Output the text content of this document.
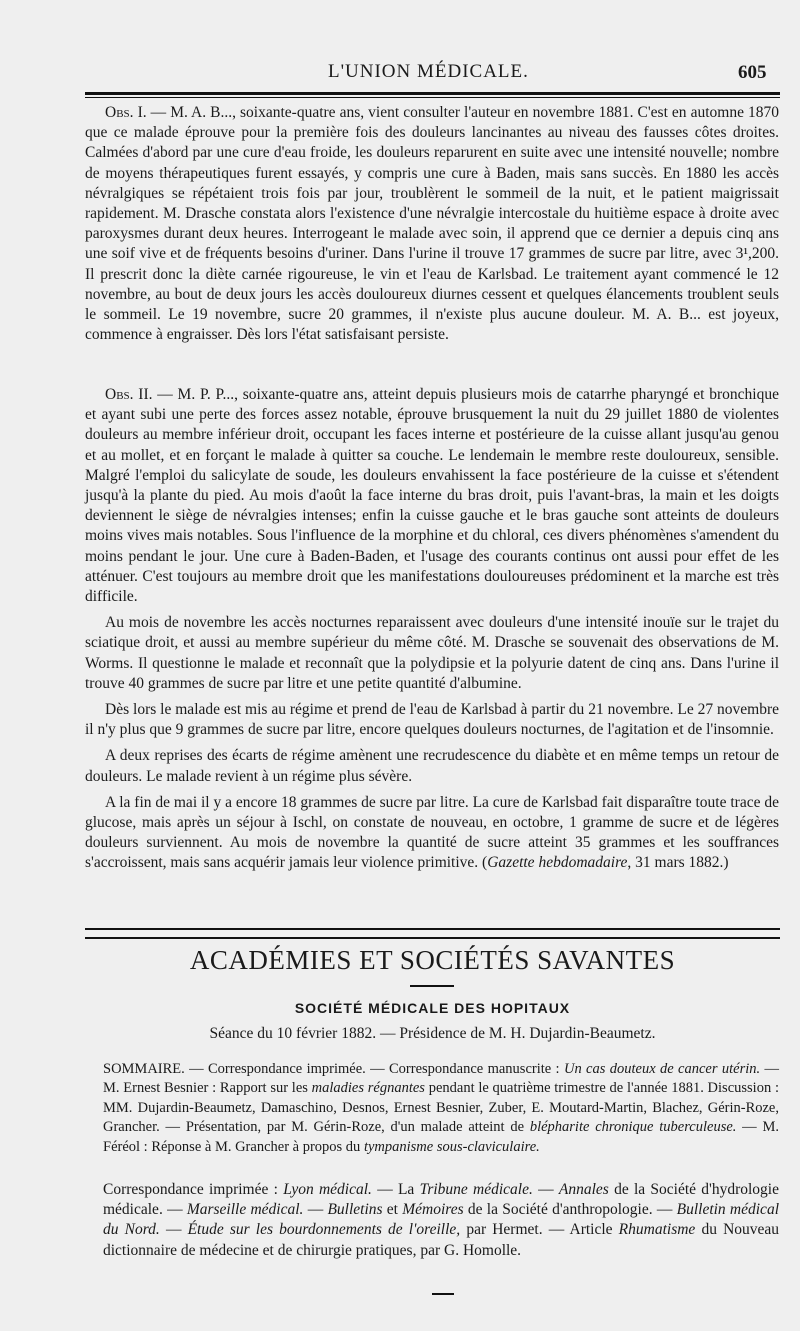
L'UNION MÉDICALE.	605

Obs. I. — M. A. B..., soixante-quatre ans, vient consulter l'auteur en novembre 1881. C'est en automne 1870 que ce malade éprouve pour la première fois des douleurs lancinantes au niveau des fausses côtes droites. Calmées d'abord par une cure d'eau froide, les douleurs reparurent en suite avec une intensité nouvelle; nombre de moyens thérapeutiques furent essayés, y compris une cure à Baden, mais sans succès. En 1880 les accès névralgiques se répétaient trois fois par jour, troublèrent le sommeil de la nuit, et le patient maigrissait rapidement. M. Drasche constata alors l'existence d'une névralgie intercostale du huitième espace à droite avec paroxysmes durant deux heures. Interrogeant le malade avec soin, il apprend que ce dernier a depuis cinq ans une soif vive et de fréquents besoins d'uriner. Dans l'urine il trouve 17 grammes de sucre par litre, avec 3¹,200. Il prescrit donc la diète carnée rigoureuse, le vin et l'eau de Karlsbad. Le traitement ayant commencé le 12 novembre, au bout de deux jours les accès douloureux diurnes cessent et quelques élancements troublent seuls le sommeil. Le 19 novembre, sucre 20 grammes, il n'existe plus aucune douleur. M. A. B... est joyeux, commence à engraisser. Dès lors l'état satisfaisant persiste.

Obs. II. — M. P. P..., soixante-quatre ans, atteint depuis plusieurs mois de catarrhe pharyngé et bronchique et ayant subi une perte des forces assez notable, éprouve brusquement la nuit du 29 juillet 1880 de violentes douleurs au membre inférieur droit, occupant les faces interne et postérieure de la cuisse allant jusqu'au genou et au mollet, et en forçant le malade à quitter sa couche. Le lendemain le membre reste douloureux, sensible. Malgré l'emploi du salicylate de soude, les douleurs envahissent la face postérieure de la cuisse et s'étendent jusqu'à la plante du pied. Au mois d'août la face interne du bras droit, puis l'avant-bras, la main et les doigts deviennent le siège de névralgies intenses; enfin la cuisse gauche et le bras gauche sont atteints de douleurs moins vives mais notables. Sous l'influence de la morphine et du chloral, ces divers phénomènes s'amendent du moins pendant le jour. Une cure à Baden-Baden, et l'usage des courants continus ont aussi pour effet de les atténuer. C'est toujours au membre droit que les manifestations douloureuses prédominent et la marche est très difficile.

Au mois de novembre les accès nocturnes reparaissent avec douleurs d'une intensité inouïe sur le trajet du sciatique droit, et aussi au membre supérieur du même côté. M. Drasche se souvenait des observations de M. Worms. Il questionne le malade et reconnaît que la polydipsie et la polyurie datent de cinq ans. Dans l'urine il trouve 40 grammes de sucre par litre et une petite quantité d'albumine.

Dès lors le malade est mis au régime et prend de l'eau de Karlsbad à partir du 21 novembre. Le 27 novembre il n'y plus que 9 grammes de sucre par litre, encore quelques douleurs nocturnes, de l'agitation et de l'insomnie.

A deux reprises des écarts de régime amènent une recrudescence du diabète et en même temps un retour de douleurs. Le malade revient à un régime plus sévère.

A la fin de mai il y a encore 18 grammes de sucre par litre. La cure de Karlsbad fait disparaître toute trace de glucose, mais après un séjour à Ischl, on constate de nouveau, en octobre, 1 gramme de sucre et de légères douleurs surviennent. Au mois de novembre la quantité de sucre atteint 35 grammes et les souffrances s'accroissent, mais sans acquérir jamais leur violence primitive. (Gazette hebdomadaire, 31 mars 1882.)

ACADÉMIES ET SOCIÉTÉS SAVANTES
SOCIÉTÉ MÉDICALE DES HOPITAUX
Séance du 10 février 1882. — Présidence de M. H. Dujardin-Beaumetz.
SOMMAIRE. — Correspondance imprimée. — Correspondance manuscrite : Un cas douteux de cancer utérin. — M. Ernest Besnier : Rapport sur les maladies régnantes pendant le quatrième trimestre de l'année 1881. Discussion : MM. Dujardin-Beaumetz, Damaschino, Desnos, Ernest Besnier, Zuber, E. Moutard-Martin, Blachez, Gérin-Roze, Grancher. — Présentation, par M. Gérin-Roze, d'un malade atteint de blépharite chronique tuberculeuse. — M. Féréol : Réponse à M. Grancher à propos du tympanisme sous-claviculaire.
Correspondance imprimée : Lyon médical. — La Tribune médicale. — Annales de la Société d'hydrologie médicale. — Marseille médical. — Bulletins et Mémoires de la Société d'anthropologie. — Bulletin médical du Nord. — Étude sur les bourdonnements de l'oreille, par Hermet. — Article Rhumatisme du Nouveau dictionnaire de médecine et de chirurgie pratiques, par G. Homolle.
